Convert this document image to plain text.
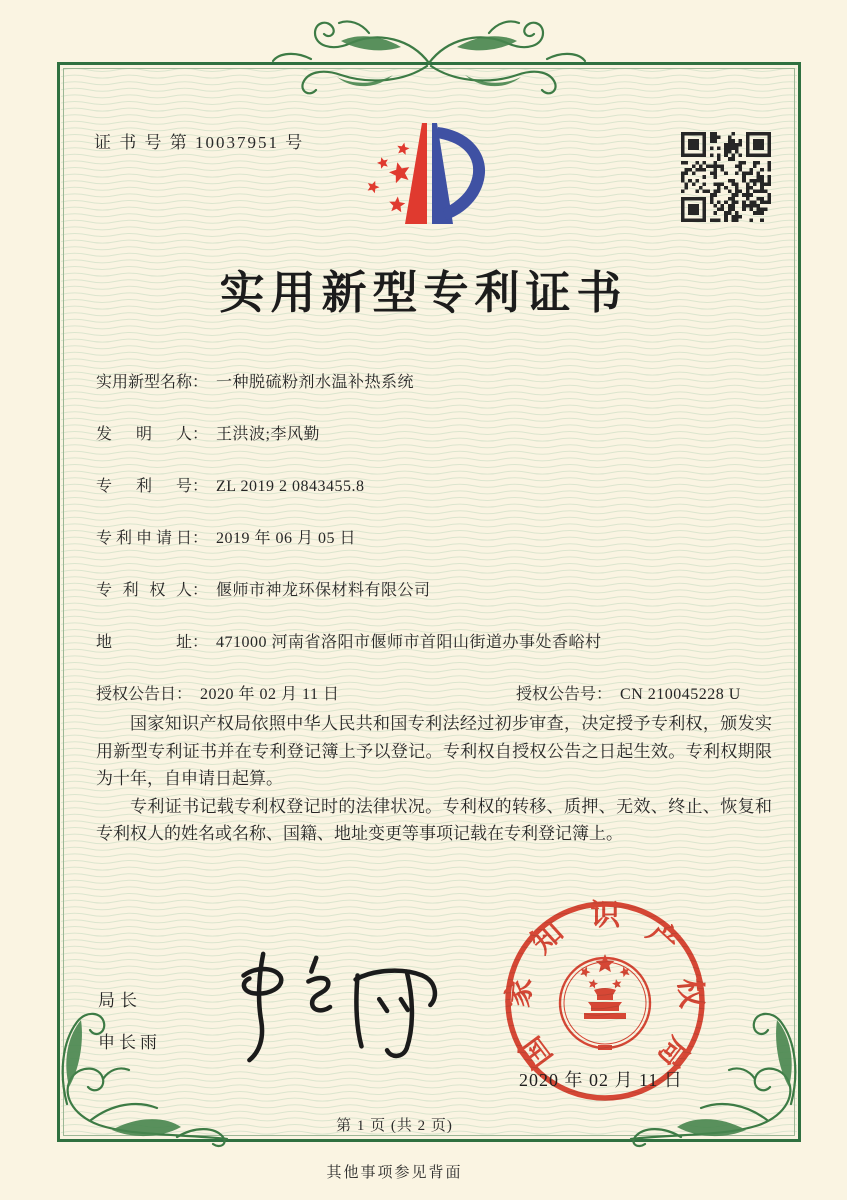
证 书 号 第 10037951 号
实用新型专利证书
实用新型名称： 一种脱硫粉剂水温补热系统
发明人： 王洪波;李风勤
专利号： ZL 2019 2 0843455.8
专利申请日： 2019 年 06 月 05 日
专利权人： 偃师市神龙环保材料有限公司
地址： 471000 河南省洛阳市偃师市首阳山街道办事处香峪村
授权公告日： 2020 年 02 月 11 日	授权公告号： CN 210045228 U

国家知识产权局依照中华人民共和国专利法经过初步审查，决定授予专利权，颁发实用新型专利证书并在专利登记簿上予以登记。专利权自授权公告之日起生效。专利权期限为十年，自申请日起算。

专利证书记载专利权登记时的法律状况。专利权的转移、质押、无效、终止、恢复和专利权人的姓名或名称、国籍、地址变更等事项记载在专利登记簿上。

局长
申长雨	国家知识产权局
2020 年 02 月 11 日
第 1 页 (共 2 页)
其他事项参见背面
